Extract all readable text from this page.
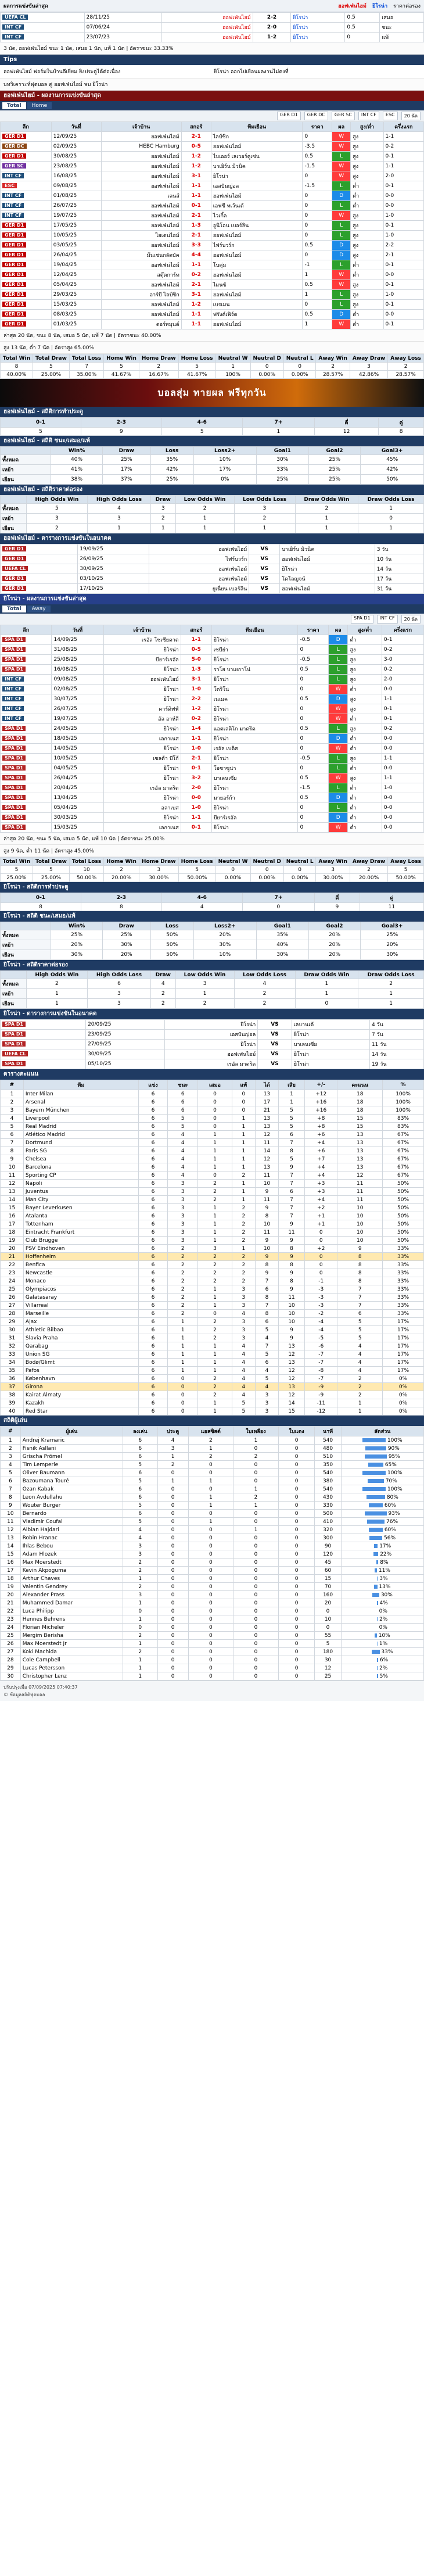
ผลการแข่งขันล่าสุด	ฮอฟเฟ่นไฮม์ ยิโรน่า ราคาต่อรอง
UEFA CL	28/11/25	ฮอฟเฟ่นไฮม์	2-2	ยิโรน่า	0.5	เสมอ
INT CF	07/06/24	ฮอฟเฟ่นไฮม์	2-0	ยิโรน่า	0.5	ชนะ
INT CF	23/07/23	ฮอฟเฟ่นไฮม์	1-2	ยิโรน่า	0	แพ้
3 นัด, ฮอฟเฟ่นไฮม์ ชนะ 1 นัด, เสมอ 1 นัด, แพ้ 1 นัด | อัตราชนะ 33.33%
Tips
ฮอฟเฟ่นไฮม์ ฟอร์มในบ้านดีเยี่ยม ยิงประตูได้ต่อเนื่อง	ยิโรน่า ออกไปเยือนผลงานไม่คงที่
บทวิเคราะห์ฟุตบอล คู่ ฮอฟเฟ่นไฮม์ พบ ยิโรน่า
ฮอฟเฟ่นไฮม์ - ผลงานการแข่งขันล่าสุด
Total	Home
GER D1	GER DC	GER SC	INT CF	ESC	20 นัด
ลีก	วันที่	เจ้าบ้าน	สกอร์	ทีมเยือน	ราคา	ผล	สูง/ต่ำ	ครึ่งแรก
GER D1	12/09/25	ฮอฟเฟ่นไฮม์	2-1	ไลป์ซิก	0	W	สูง	1-1
GER DC	02/09/25	HEBC Hamburg	0-5	ฮอฟเฟ่นไฮม์	-3.5	W	สูง	0-2
GER D1	30/08/25	ฮอฟเฟ่นไฮม์	1-2	ไบเออร์ เลเวอร์คูเซ่น	0.5	L	สูง	0-1
GER SC	23/08/25	ฮอฟเฟ่นไฮม์	1-2	บาเยิร์น มิวนิค	-1.5	W	สูง	1-1
INT CF	16/08/25	ฮอฟเฟ่นไฮม์	3-1	ยิโรน่า	0	W	สูง	2-0
ESC	09/08/25	ฮอฟเฟ่นไฮม์	1-1	เอสปันญ่อล	-1.5	L	ต่ำ	0-1
INT CF	01/08/25	เลนส์	1-1	ฮอฟเฟ่นไฮม์	0	D	ต่ำ	0-0
INT CF	26/07/25	ฮอฟเฟ่นไฮม์	0-1	เอฟซี ทเว้นเต้	0	L	ต่ำ	0-0
INT CF	19/07/25	ฮอฟเฟ่นไฮม์	2-1	ไวเกิ้ล	0	W	สูง	1-0
GER D1	17/05/25	ฮอฟเฟ่นไฮม์	1-3	อูนิโอน เบอร์ลิน	0	L	สูง	0-1
GER D1	10/05/25	ไฮเดนไฮม์	2-1	ฮอฟเฟ่นไฮม์	0	L	สูง	1-0
GER D1	03/05/25	ฮอฟเฟ่นไฮม์	3-3	ไฟร์บวร์ก	0.5	D	สูง	2-2
GER D1	26/04/25	มึนเช่นกลัดบัค	4-4	ฮอฟเฟ่นไฮม์	0	D	สูง	2-1
GER D1	19/04/25	ฮอฟเฟ่นไฮม์	1-1	โบคุ่ม	-1	L	ต่ำ	0-1
GER D1	12/04/25	สตุ๊ตการ์ท	0-2	ฮอฟเฟ่นไฮม์	1	W	ต่ำ	0-0
GER D1	05/04/25	ฮอฟเฟ่นไฮม์	2-1	ไมนซ์	0.5	W	สูง	0-1
GER D1	29/03/25	อาร์บี ไลป์ซิก	3-1	ฮอฟเฟ่นไฮม์	1	L	สูง	1-0
GER D1	15/03/25	ฮอฟเฟ่นไฮม์	1-2	เบรเมน	0	L	สูง	0-1
GER D1	08/03/25	ฮอฟเฟ่นไฮม์	1-1	ฟรังค์เฟิร์ต	0.5	D	ต่ำ	0-0
GER D1	01/03/25	ดอร์ทมุนด์	1-1	ฮอฟเฟ่นไฮม์	1	W	ต่ำ	0-1
ล่าสุด 20 นัด, ชนะ 8 นัด, เสมอ 5 นัด, แพ้ 7 นัด | อัตราชนะ 40.00%
สูง 13 นัด, ต่ำ 7 นัด | อัตราสูง 65.00%
Total Win	Total Draw	Total Loss	Home Win	Home Draw	Home Loss	Neutral W	Neutral D	Neutral L	Away Win	Away Draw	Away Loss
8	5	7	5	2	5	1	0	0	2	3	2
40.00%	25.00%	35.00%	41.67%	16.67%	41.67%	100%	0.00%	0.00%	28.57%	42.86%	28.57%
บอลสุ่ม ทายผล ฟรีทุกวัน
ฮอฟเฟ่นไฮม์ - สถิติการทำประตู
0-1	2-3	4-6	7+	คี่	คู่
5	9	5	1	12	8
ฮอฟเฟ่นไฮม์ - สถิติ ชนะ/เสมอ/แพ้
	Win%	Draw	Loss	Loss2+	Goal1	Goal2	Goal3+
ทั้งหมด	40%	25%	35%	10%	30%	25%	45%
เหย้า	41%	17%	42%	17%	33%	25%	42%
เยือน	38%	37%	25%	0%	25%	25%	50%
ฮอฟเฟ่นไฮม์ - สถิติราคาต่อรอง
	High Odds Win	High Odds Loss	Draw	Low Odds Win	Low Odds Loss	Draw Odds Win	Draw Odds Loss
ทั้งหมด	5	4	3	2	3	2	1
เหย้า	3	3	2	1	2	1	0
เยือน	2	1	1	1	1	1	1
ฮอฟเฟ่นไฮม์ - ตารางการแข่งขันในอนาคต
GER D1	19/09/25	ฮอฟเฟ่นไฮม์	VS	บาเยิร์น มิวนิค	3 วัน
GER D1	26/09/25	ไฟร์บวร์ก	VS	ฮอฟเฟ่นไฮม์	10 วัน
UEFA CL	30/09/25	ฮอฟเฟ่นไฮม์	VS	ยิโรน่า	14 วัน
GER D1	03/10/25	ฮอฟเฟ่นไฮม์	VS	โคโลญจน์	17 วัน
GER D1	17/10/25	ยูเนี่ยน เบอร์ลิน	VS	ฮอฟเฟ่นไฮม์	31 วัน
ยิโรน่า - ผลงานการแข่งขันล่าสุด
Total	Away
SPA D1	INT CF	20 นัด
ลีก	วันที่	เจ้าบ้าน	สกอร์	ทีมเยือน	ราคา	ผล	สูง/ต่ำ	ครึ่งแรก
SPA D1	14/09/25	เรอัล โซเซียดาด	1-1	ยิโรน่า	-0.5	D	ต่ำ	0-1
SPA D1	31/08/25	ยิโรน่า	0-5	เซบีย่า	0	L	สูง	0-2
SPA D1	25/08/25	บียาร์เรอัล	5-0	ยิโรน่า	-0.5	L	สูง	3-0
SPA D1	16/08/25	ยิโรน่า	1-3	ราโย บาเยกาโน่	0.5	L	สูง	0-2
INT CF	09/08/25	ฮอฟเฟ่นไฮม์	3-1	ยิโรน่า	0	L	สูง	2-0
INT CF	02/08/25	ยิโรน่า	1-0	โตริโน่	0	W	ต่ำ	0-0
INT CF	30/07/25	ยิโรน่า	2-2	เนเมค	0.5	D	สูง	1-1
INT CF	26/07/25	คาร์ดิฟฟ์	1-2	ยิโรน่า	0	W	สูง	0-1
INT CF	19/07/25	อัล อาห์ลี	0-2	ยิโรน่า	0	W	ต่ำ	0-1
SPA D1	24/05/25	ยิโรน่า	1-4	แอตเลติโก มาดริด	0.5	L	สูง	0-2
SPA D1	18/05/25	เลกาเนส	1-1	ยิโรน่า	0	D	ต่ำ	0-0
SPA D1	14/05/25	ยิโรน่า	1-0	เรอัล เบติส	0	W	ต่ำ	0-0
SPA D1	10/05/25	เซลต้า บีโก้	2-1	ยิโรน่า	-0.5	L	สูง	1-1
SPA D1	04/05/25	ยิโรน่า	0-1	โอซาซูน่า	0	L	ต่ำ	0-0
SPA D1	26/04/25	ยิโรน่า	3-2	บาเลนเซีย	0.5	W	สูง	1-1
SPA D1	20/04/25	เรอัล มาดริด	2-0	ยิโรน่า	-1.5	L	ต่ำ	1-0
SPA D1	13/04/25	ยิโรน่า	0-0	มายอร์ก้า	0.5	D	ต่ำ	0-0
SPA D1	05/04/25	อลาเบส	1-0	ยิโรน่า	0	L	ต่ำ	0-0
SPA D1	30/03/25	ยิโรน่า	1-1	บียาร์เรอัล	0	D	ต่ำ	0-0
SPA D1	15/03/25	เลกาเนส	0-1	ยิโรน่า	0	W	ต่ำ	0-0
ล่าสุด 20 นัด, ชนะ 5 นัด, เสมอ 5 นัด, แพ้ 10 นัด | อัตราชนะ 25.00%
สูง 9 นัด, ต่ำ 11 นัด | อัตราสูง 45.00%
Total Win	Total Draw	Total Loss	Home Win	Home Draw	Home Loss	Neutral W	Neutral D	Neutral L	Away Win	Away Draw	Away Loss
5	5	10	2	3	5	0	0	0	3	2	5
25.00%	25.00%	50.00%	20.00%	30.00%	50.00%	0.00%	0.00%	0.00%	30.00%	20.00%	50.00%
ยิโรน่า - สถิติการทำประตู
0-1	2-3	4-6	7+	คี่	คู่
8	8	4	0	9	11
ยิโรน่า - สถิติ ชนะ/เสมอ/แพ้
	Win%	Draw	Loss	Loss2+	Goal1	Goal2	Goal3+
ทั้งหมด	25%	25%	50%	20%	35%	20%	25%
เหย้า	20%	30%	50%	30%	40%	20%	20%
เยือน	30%	20%	50%	10%	30%	20%	30%
ยิโรน่า - สถิติราคาต่อรอง
	High Odds Win	High Odds Loss	Draw	Low Odds Win	Low Odds Loss	Draw Odds Win	Draw Odds Loss
ทั้งหมด	2	6	4	3	4	1	2
เหย้า	1	3	2	1	2	1	1
เยือน	1	3	2	2	2	0	1
ยิโรน่า - ตารางการแข่งขันในอนาคต
SPA D1	20/09/25	ยิโรน่า	VS	เลบานเต้	4 วัน
SPA D1	23/09/25	เอสปันญ่อล	VS	ยิโรน่า	7 วัน
SPA D1	27/09/25	ยิโรน่า	VS	บาเลนเซีย	11 วัน
UEFA CL	30/09/25	ฮอฟเฟ่นไฮม์	VS	ยิโรน่า	14 วัน
SPA D1	05/10/25	เรอัล มาดริด	VS	ยิโรน่า	19 วัน
ตารางคะแนน
#	ทีม	แข่ง	ชนะ	เสมอ	แพ้	ได้	เสีย	+/-	คะแนน	%
1	Inter Milan	6	6	0	0	13	1	+12	18	100%
2	Arsenal	6	6	0	0	17	1	+16	18	100%
3	Bayern München	6	6	0	0	21	5	+16	18	100%
4	Liverpool	6	5	0	1	13	5	+8	15	83%
5	Real Madrid	6	5	0	1	13	5	+8	15	83%
6	Atlético Madrid	6	4	1	1	12	6	+6	13	67%
7	Dortmund	6	4	1	1	11	7	+4	13	67%
8	Paris SG	6	4	1	1	14	8	+6	13	67%
9	Chelsea	6	4	1	1	12	5	+7	13	67%
10	Barcelona	6	4	1	1	13	9	+4	13	67%
11	Sporting CP	6	4	0	2	11	7	+4	12	67%
12	Napoli	6	3	2	1	10	7	+3	11	50%
13	Juventus	6	3	2	1	9	6	+3	11	50%
14	Man City	6	3	2	1	11	7	+4	11	50%
15	Bayer Leverkusen	6	3	1	2	9	7	+2	10	50%
16	Atalanta	6	3	1	2	8	7	+1	10	50%
17	Tottenham	6	3	1	2	10	9	+1	10	50%
18	Eintracht Frankfurt	6	3	1	2	11	11	0	10	50%
19	Club Brugge	6	3	1	2	9	9	0	10	50%
20	PSV Eindhoven	6	2	3	1	10	8	+2	9	33%
21	Hoffenheim	6	2	2	2	9	9	0	8	33%
22	Benfica	6	2	2	2	8	8	0	8	33%
23	Newcastle	6	2	2	2	9	9	0	8	33%
24	Monaco	6	2	2	2	7	8	-1	8	33%
25	Olympiacos	6	2	1	3	6	9	-3	7	33%
26	Galatasaray	6	2	1	3	8	11	-3	7	33%
27	Villarreal	6	2	1	3	7	10	-3	7	33%
28	Marseille	6	2	0	4	8	10	-2	6	33%
29	Ajax	6	1	2	3	6	10	-4	5	17%
30	Athletic Bilbao	6	1	2	3	5	9	-4	5	17%
31	Slavia Praha	6	1	2	3	4	9	-5	5	17%
32	Qarabag	6	1	1	4	7	13	-6	4	17%
33	Union SG	6	1	1	4	5	12	-7	4	17%
34	Bodø/Glimt	6	1	1	4	6	13	-7	4	17%
35	Pafos	6	1	1	4	4	12	-8	4	17%
36	København	6	0	2	4	5	12	-7	2	0%
37	Girona	6	0	2	4	4	13	-9	2	0%
38	Kairat Almaty	6	0	2	4	3	12	-9	2	0%
39	Kazakh	6	0	1	5	3	14	-11	1	0%
40	Red Star	6	0	1	5	3	15	-12	1	0%
สถิติผู้เล่น
#	ผู้เล่น	ลงเล่น	ประตู	แอสซิสต์	ใบเหลือง	ใบแดง	นาที	สัดส่วน
1	Andrej Kramaric	6	4	2	1	0	540	100%
2	Fisnik Asllani	6	3	1	0	0	480	90%
3	Grischa Prömel	6	1	2	2	0	510	95%
4	Tim Lemperle	5	2	0	0	0	350	65%
5	Oliver Baumann	6	0	0	0	0	540	100%
6	Bazoumana Touré	5	1	1	0	0	380	70%
7	Ozan Kabak	6	0	0	1	0	540	100%
8	Leon Avdullahu	6	0	1	2	0	430	80%
9	Wouter Burger	5	0	1	1	0	330	60%
10	Bernardo	6	0	0	0	0	500	93%
11	Vladimír Coufal	5	0	1	0	0	410	76%
12	Albian Hajdari	4	0	0	1	0	320	60%
13	Robin Hranac	4	0	0	0	0	300	56%
14	Ihlas Bebou	3	0	0	0	0	90	17%
15	Adam Hlozek	3	0	0	0	0	120	22%
16	Max Moerstedt	2	0	0	0	0	45	8%
17	Kevin Akpoguma	2	0	0	0	0	60	11%
18	Arthur Chaves	1	0	0	0	0	15	3%
19	Valentin Gendrey	2	0	0	0	0	70	13%
20	Alexander Prass	3	0	0	0	0	160	30%
21	Muhammed Damar	1	0	0	0	0	20	4%
22	Luca Philipp	0	0	0	0	0	0	0%
23	Hennes Behrens	1	0	0	0	0	10	2%
24	Florian Micheler	0	0	0	0	0	0	0%
25	Mergim Berisha	2	0	0	0	0	55	10%
26	Max Moerstedt Jr	1	0	0	0	0	5	1%
27	Koki Machida	2	0	0	0	0	180	33%
28	Cole Campbell	1	0	0	0	0	30	6%
29	Lucas Petersson	1	0	0	0	0	12	2%
30	Christopher Lenz	1	0	0	0	0	25	5%
ปรับปรุงเมื่อ 07/09/2025 07:40:37
© ข้อมูลสถิติฟุตบอล
